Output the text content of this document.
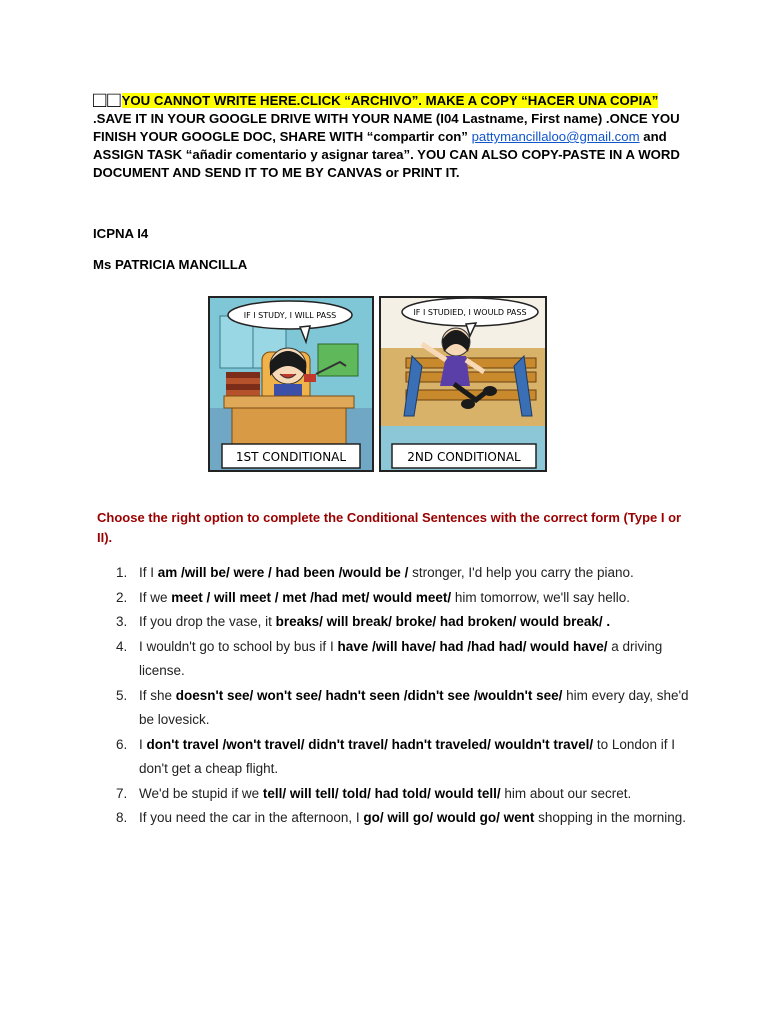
□□YOU CANNOT WRITE HERE.CLICK “ARCHIVO”. MAKE A COPY “HACER UNA COPIA” .SAVE IT IN YOUR GOOGLE DRIVE WITH YOUR NAME (I04 Lastname, First name) .ONCE YOU FINISH YOUR GOOGLE DOC, SHARE WITH “compartir con” pattymancillaloo@gmail.com and ASSIGN TASK “añadir comentario y asignar tarea”. YOU CAN ALSO COPY-PASTE IN A WORD DOCUMENT AND SEND IT TO ME BY CANVAS or PRINT IT.
ICPNA I4
Ms PATRICIA MANCILLA
IF I STUDY, I WILL PASS
1ST CONDITIONAL
IF I STUDIED, I WOULD PASS
2ND CONDITIONAL
Choose the right option to complete the Conditional Sentences with the correct form (Type I or II).
1. If I am /will be/ were / had been /would be / stronger, I'd help you carry the piano.
2. If we meet / will meet / met /had met/ would meet/ him tomorrow, we'll say hello.
3. If you drop the vase, it breaks/ will break/ broke/ had broken/ would break/ .
4. I wouldn't go to school by bus if I have /will have/ had /had had/ would have/ a driving license.
5. If she doesn't see/ won't see/ hadn't seen /didn't see /wouldn't see/ him every day, she'd be lovesick.
6. I don't travel /won't travel/ didn't travel/ hadn't traveled/ wouldn't travel/ to London if I don't get a cheap flight.
7. We'd be stupid if we tell/ will tell/ told/ had told/ would tell/ him about our secret.
8. If you need the car in the afternoon, I go/ will go/ would go/ went shopping in the morning.
